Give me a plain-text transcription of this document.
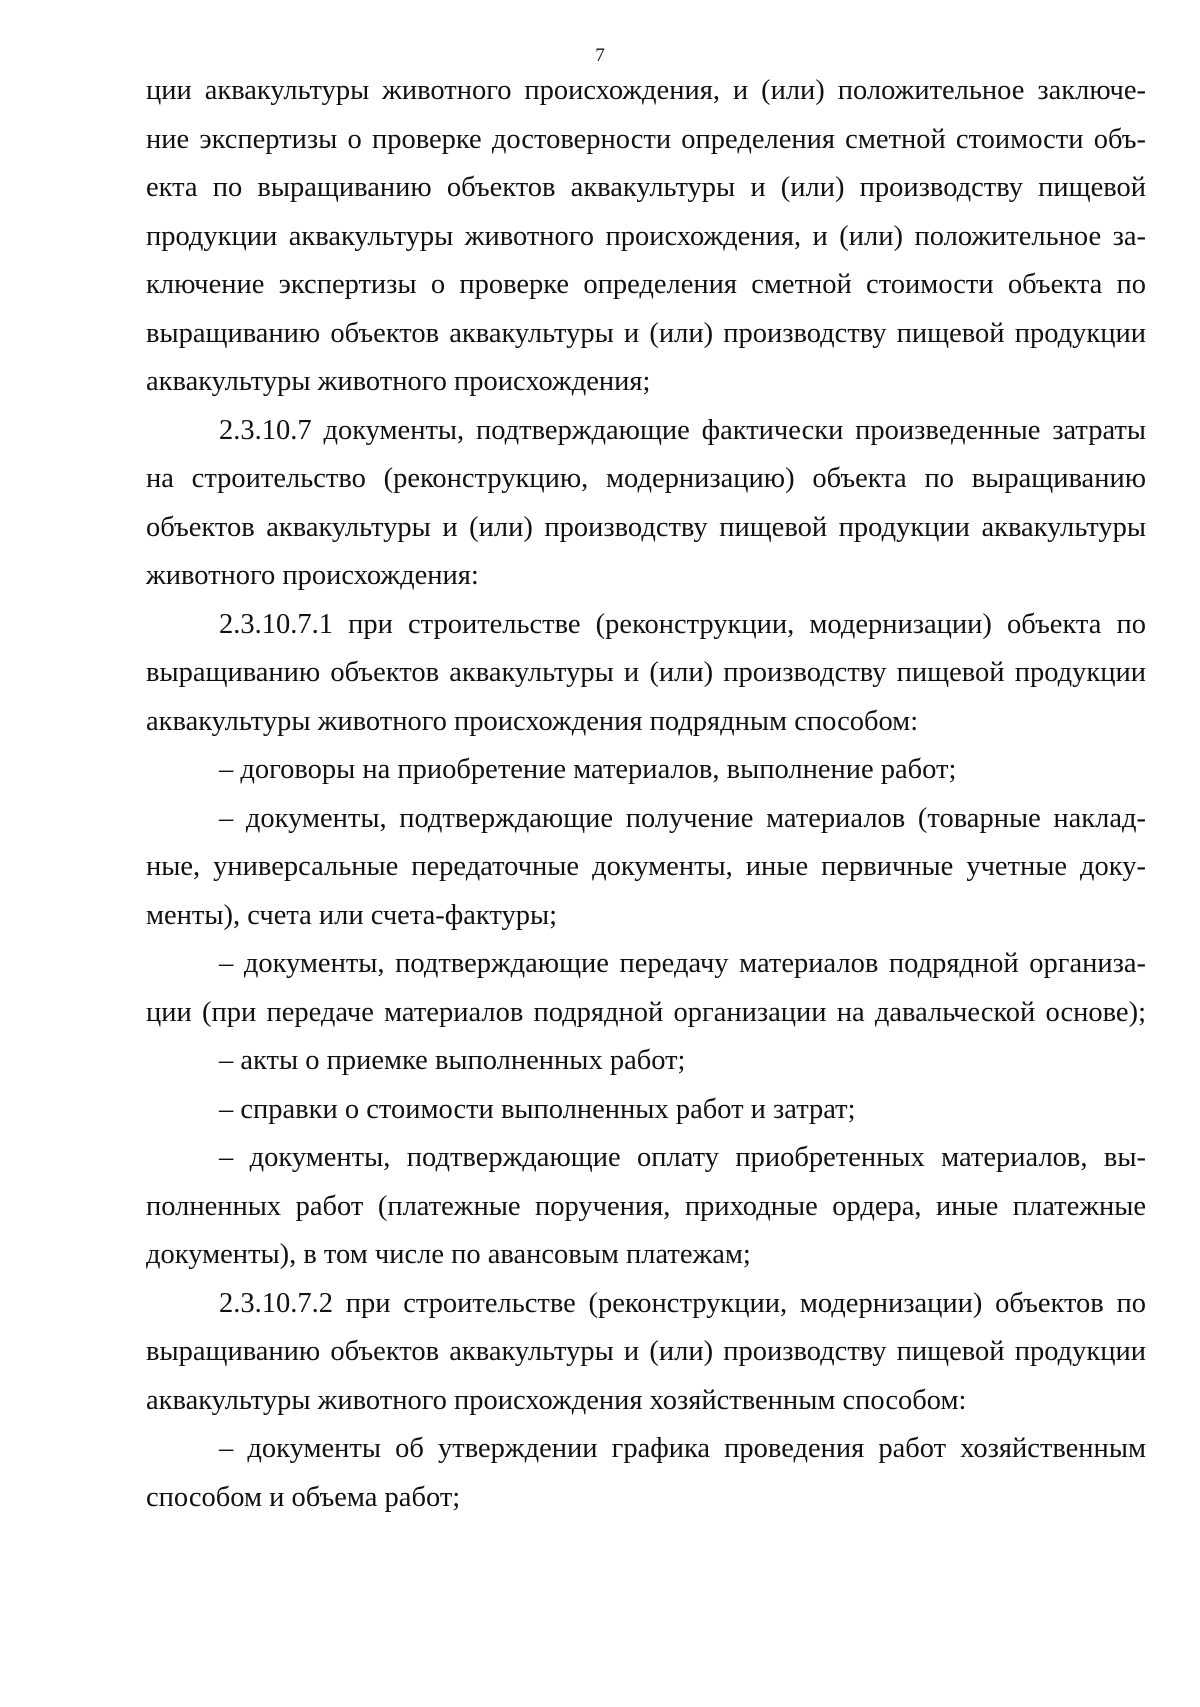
7
ции аквакультуры животного происхождения, и (или) положительное заключе-
ние экспертизы о проверке достоверности определения сметной стоимости объ-
екта по выращиванию объектов аквакультуры и (или) производству пищевой
продукции аквакультуры животного происхождения, и (или) положительное за-
ключение экспертизы о проверке определения сметной стоимости объекта по
выращиванию объектов аквакультуры и (или) производству пищевой продукции
аквакультуры животного происхождения;
2.3.10.7 документы, подтверждающие фактически произведенные затраты
на строительство (реконструкцию, модернизацию) объекта по выращиванию
объектов аквакультуры и (или) производству пищевой продукции аквакультуры
животного происхождения:
2.3.10.7.1 при строительстве (реконструкции, модернизации) объекта по
выращиванию объектов аквакультуры и (или) производству пищевой продукции
аквакультуры животного происхождения подрядным способом:
– договоры на приобретение материалов, выполнение работ;
– документы, подтверждающие получение материалов (товарные наклад-
ные, универсальные передаточные документы, иные первичные учетные доку-
менты), счета или счета-фактуры;
– документы, подтверждающие передачу материалов подрядной организа-
ции (при передаче материалов подрядной организации на давальческой основе);
– акты о приемке выполненных работ;
– справки о стоимости выполненных работ и затрат;
– документы, подтверждающие оплату приобретенных материалов, вы-
полненных работ (платежные поручения, приходные ордера, иные платежные
документы), в том числе по авансовым платежам;
2.3.10.7.2 при строительстве (реконструкции, модернизации) объектов по
выращиванию объектов аквакультуры и (или) производству пищевой продукции
аквакультуры животного происхождения хозяйственным способом:
– документы об утверждении графика проведения работ хозяйственным
способом и объема работ;
